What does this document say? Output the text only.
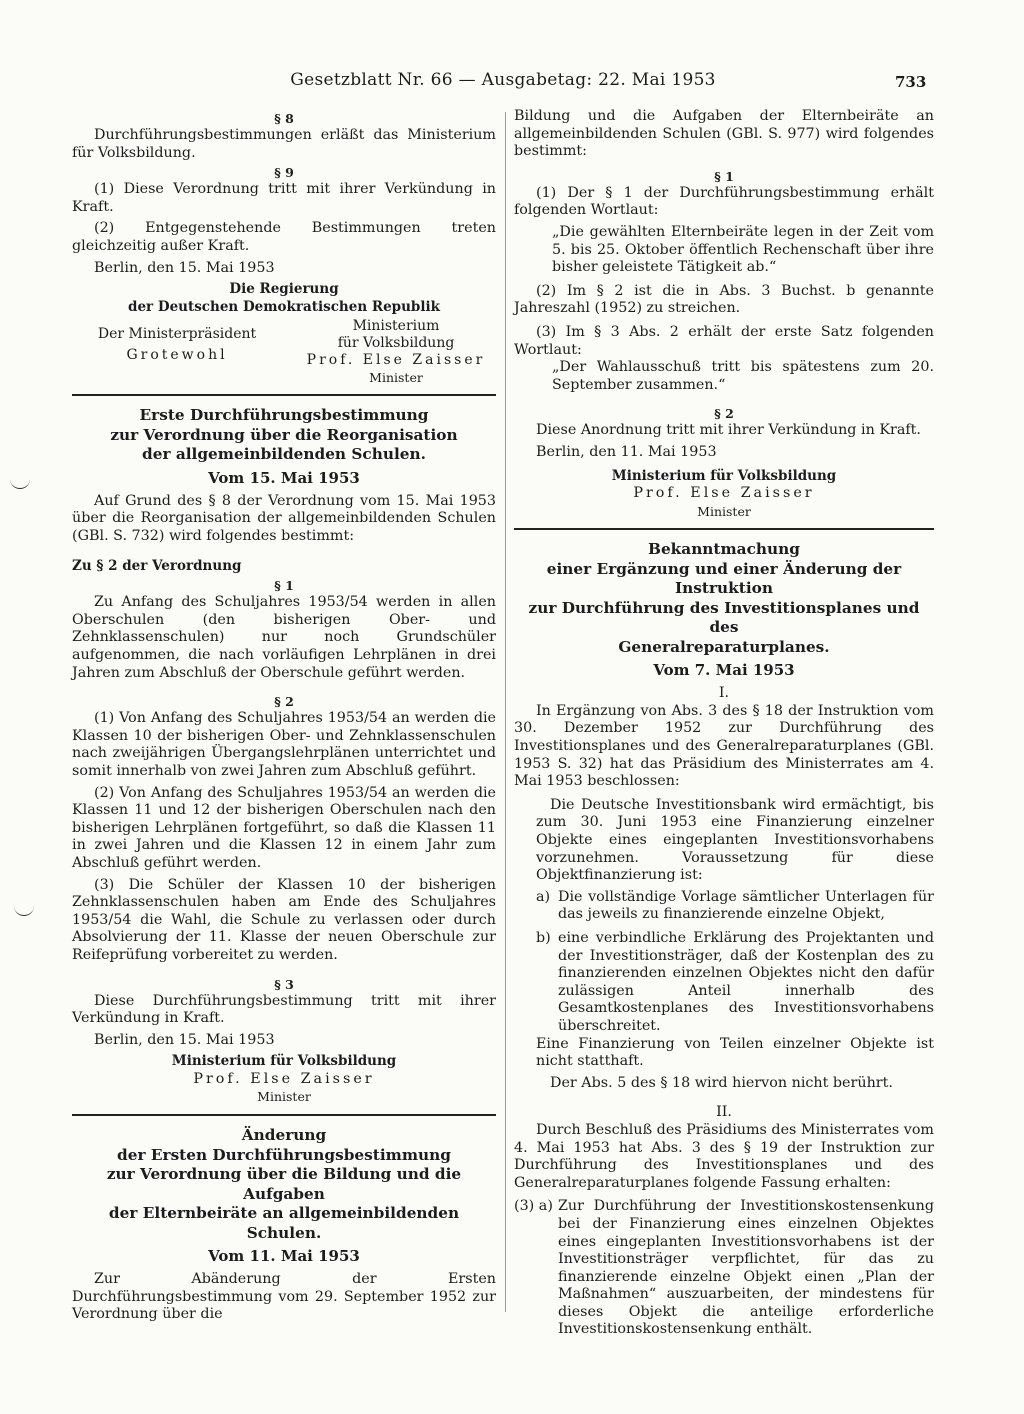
Gesetzblatt Nr. 66 — Ausgabetag: 22. Mai 1953	733
§ 8

Durchführungsbestimmungen erläßt das Ministerium für Volksbildung.

§ 9

(1) Diese Verordnung tritt mit ihrer Verkündung in Kraft.

(2) Entgegenstehende Bestimmungen treten gleichzeitig außer Kraft.

Berlin, den 15. Mai 1953

Die Regierung

der Deutschen Demokratischen Republik

Der Ministerpräsident
Grotewohl
Ministerium
für Volksbildung
Prof. Else Zaisser
Minister
Erste Durchführungsbestimmung
zur Verordnung über die Reorganisation
der allgemeinbildenden Schulen.
Vom 15. Mai 1953

Auf Grund des § 8 der Verordnung vom 15. Mai 1953 über die Reorganisation der allgemeinbildenden Schulen (GBl. S. 732) wird folgendes bestimmt:

Zu § 2 der Verordnung

§ 1

Zu Anfang des Schuljahres 1953/54 werden in allen Oberschulen (den bisherigen Ober- und Zehnklassenschulen) nur noch Grundschüler aufgenommen, die nach vorläufigen Lehrplänen in drei Jahren zum Abschluß der Oberschule geführt werden.

§ 2

(1) Von Anfang des Schuljahres 1953/54 an werden die Klassen 10 der bisherigen Ober- und Zehnklassenschulen nach zweijährigen Übergangslehrplänen unterrichtet und somit innerhalb von zwei Jahren zum Abschluß geführt.

(2) Von Anfang des Schuljahres 1953/54 an werden die Klassen 11 und 12 der bisherigen Oberschulen nach den bisherigen Lehrplänen fortgeführt, so daß die Klassen 11 in zwei Jahren und die Klassen 12 in einem Jahr zum Abschluß geführt werden.

(3) Die Schüler der Klassen 10 der bisherigen Zehnklassenschulen haben am Ende des Schuljahres 1953/54 die Wahl, die Schule zu verlassen oder durch Absolvierung der 11. Klasse der neuen Oberschule zur Reifeprüfung vorbereitet zu werden.

§ 3

Diese Durchführungsbestimmung tritt mit ihrer Verkündung in Kraft.

Berlin, den 15. Mai 1953

Ministerium für Volksbildung

Prof. Else Zaisser

Minister

Änderung
der Ersten Durchführungsbestimmung
zur Verordnung über die Bildung und die Aufgaben
der Elternbeiräte an allgemeinbildenden Schulen.
Vom 11. Mai 1953

Zur Abänderung der Ersten Durchführungsbestimmung vom 29. September 1952 zur Verordnung über die

Bildung und die Aufgaben der Elternbeiräte an allgemeinbildenden Schulen (GBl. S. 977) wird folgendes bestimmt:

§ 1

(1) Der § 1 der Durchführungsbestimmung erhält folgenden Wortlaut:

„Die gewählten Elternbeiräte legen in der Zeit vom 5. bis 25. Oktober öffentlich Rechenschaft über ihre bisher geleistete Tätigkeit ab.“

(2) Im § 2 ist die in Abs. 3 Buchst. b genannte Jahreszahl (1952) zu streichen.

(3) Im § 3 Abs. 2 erhält der erste Satz folgenden Wortlaut:

„Der Wahlausschuß tritt bis spätestens zum 20. September zusammen.“

§ 2

Diese Anordnung tritt mit ihrer Verkündung in Kraft.

Berlin, den 11. Mai 1953

Ministerium für Volksbildung

Prof. Else Zaisser

Minister

Bekanntmachung
einer Ergänzung und einer Änderung der Instruktion
zur Durchführung des Investitionsplanes und des
Generalreparaturplanes.
Vom 7. Mai 1953

I.

In Ergänzung von Abs. 3 des § 18 der Instruktion vom 30. Dezember 1952 zur Durchführung des Investitionsplanes und des Generalreparaturplanes (GBl. 1953 S. 32) hat das Präsidium des Ministerrates am 4. Mai 1953 beschlossen:

Die Deutsche Investitionsbank wird ermächtigt, bis zum 30. Juni 1953 eine Finanzierung einzelner Objekte eines eingeplanten Investitionsvorhabens vorzunehmen. Voraussetzung für diese Objektfinanzierung ist:

a) Die vollständige Vorlage sämtlicher Unterlagen für das jeweils zu finanzierende einzelne Objekt,

b) eine verbindliche Erklärung des Projektanten und der Investitionsträger, daß der Kostenplan des zu finanzierenden einzelnen Objektes nicht den dafür zulässigen Anteil innerhalb des Gesamtkostenplanes des Investitionsvorhabens überschreitet.

Eine Finanzierung von Teilen einzelner Objekte ist nicht statthaft.

Der Abs. 5 des § 18 wird hiervon nicht berührt.

II.

Durch Beschluß des Präsidiums des Ministerrates vom 4. Mai 1953 hat Abs. 3 des § 19 der Instruktion zur Durchführung des Investitionsplanes und des Generalreparaturplanes folgende Fassung erhalten:

(3) a) Zur Durchführung der Investitionskostensenkung bei der Finanzierung eines einzelnen Objektes eines eingeplanten Investitionsvorhabens ist der Investitionsträger verpflichtet, für das zu finanzierende einzelne Objekt einen „Plan der Maßnahmen“ auszuarbeiten, der mindestens für dieses Objekt die anteilige erforderliche Investitionskostensenkung enthält.
